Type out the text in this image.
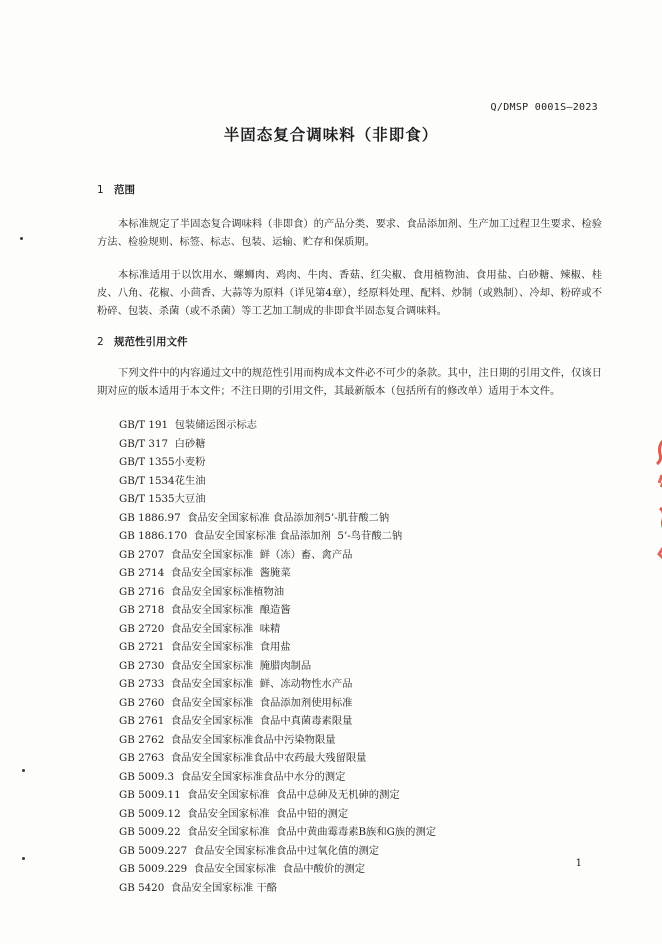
Q/DMSP 0001S—2023
半固态复合调味料（非即食）
1 范围
本标准规定了半固态复合调味料（非即食）的产品分类、要求、食品添加剂、生产加工过程卫生要求、检验方法、检验规则、标签、标志、包装、运输、贮存和保质期。
本标准适用于以饮用水、螺蛳肉、鸡肉、牛肉、香菇、红尖椒、食用植物油、食用盐、白砂糖、辣椒、桂皮、八角、花椒、小茴香、大蒜等为原料（详见第4章），经原料处理、配料、炒制（或熟制）、冷却、粉碎或不粉碎、包装、杀菌（或不杀菌）等工艺加工制成的非即食半固态复合调味料。
2 规范性引用文件
下列文件中的内容通过文中的规范性引用而构成本文件必不可少的条款。其中，注日期的引用文件，仅该日期对应的版本适用于本文件；不注日期的引用文件，其最新版本（包括所有的修改单）适用于本文件。
GB/T 191  包装储运图示标志
GB/T 317  白砂糖
GB/T 1355小麦粉
GB/T 1534花生油
GB/T 1535大豆油
GB 1886.97  食品安全国家标准 食品添加剂5’-肌苷酸二钠
GB 1886.170  食品安全国家标准 食品添加剂  5’-鸟苷酸二钠
GB 2707  食品安全国家标准  鲜（冻）畜、禽产品
GB 2714  食品安全国家标准  酱腌菜
GB 2716  食品安全国家标准植物油
GB 2718  食品安全国家标准  酿造酱
GB 2720  食品安全国家标准  味精
GB 2721  食品安全国家标准  食用盐
GB 2730  食品安全国家标准  腌腊肉制品
GB 2733  食品安全国家标准  鲜、冻动物性水产品
GB 2760  食品安全国家标准  食品添加剂使用标准
GB 2761  食品安全国家标准  食品中真菌毒素限量
GB 2762  食品安全国家标准食品中污染物限量
GB 2763  食品安全国家标准食品中农药最大残留限量
GB 5009.3  食品安全国家标准食品中水分的测定
GB 5009.11  食品安全国家标准  食品中总砷及无机砷的测定
GB 5009.12  食品安全国家标准  食品中铅的测定
GB 5009.22  食品安全国家标准  食品中黄曲霉毒素B族和G族的测定
GB 5009.227  食品安全国家标准食品中过氧化值的测定
GB 5009.229  食品安全国家标准  食品中酸价的测定
GB 5420  食品安全国家标准 干酪
1
